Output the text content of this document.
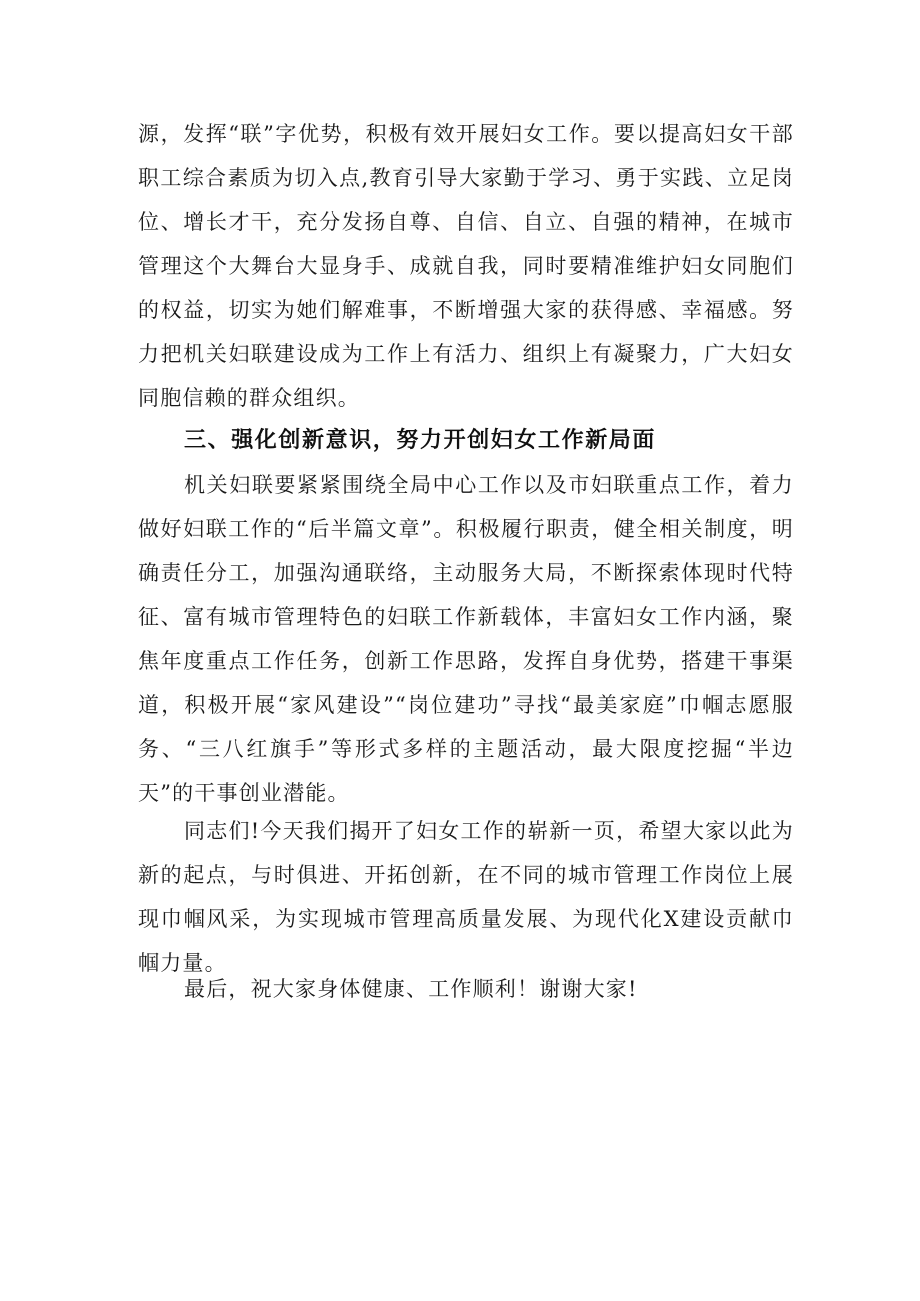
源，发挥“联”字优势，积极有效开展妇女工作。要以提高妇女干部职工综合素质为切入点,教育引导大家勤于学习、勇于实践、立足岗位、增长才干，充分发扬自尊、自信、自立、自强的精神，在城市管理这个大舞台大显身手、成就自我，同时要精准维护妇女同胞们的权益，切实为她们解难事，不断增强大家的获得感、幸福感。努力把机关妇联建设成为工作上有活力、组织上有凝聚力，广大妇女同胞信赖的群众组织。

三、强化创新意识，努力开创妇女工作新局面

机关妇联要紧紧围绕全局中心工作以及市妇联重点工作，着力做好妇联工作的“后半篇文章”。积极履行职责，健全相关制度，明确责任分工，加强沟通联络，主动服务大局，不断探索体现时代特征、富有城市管理特色的妇联工作新载体，丰富妇女工作内涵，聚焦年度重点工作任务，创新工作思路，发挥自身优势，搭建干事渠道，积极开展“家风建设”“岗位建功”寻找“最美家庭”巾帼志愿服务、“三八红旗手”等形式多样的主题活动，最大限度挖掘“半边天”的干事创业潜能。

同志们!今天我们揭开了妇女工作的崭新一页，希望大家以此为新的起点，与时俱进、开拓创新，在不同的城市管理工作岗位上展现巾帼风采，为实现城市管理高质量发展、为现代化X建设贡献巾帼力量。

最后，祝大家身体健康、工作顺利！谢谢大家!
